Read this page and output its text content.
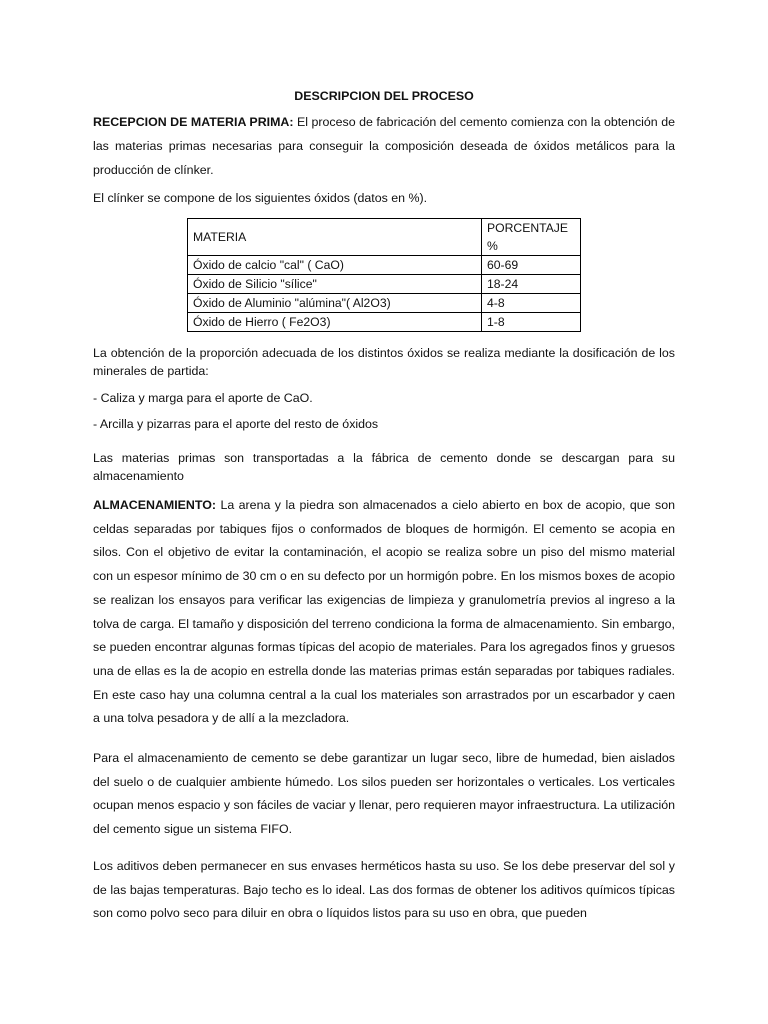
DESCRIPCION DEL PROCESO
RECEPCION DE MATERIA PRIMA: El proceso de fabricación del cemento comienza con la obtención de las materias primas necesarias para conseguir la composición deseada de óxidos metálicos para la producción de clínker.
El clínker se compone de los siguientes óxidos (datos en %).
MATERIA	PORCENTAJE %
Óxido de calcio "cal" ( CaO)	60-69
Óxido de Silicio "sílice"	18-24
Óxido de Aluminio "alúmina"( Al2O3)	4-8
Óxido de Hierro ( Fe2O3)	1-8
La obtención de la proporción adecuada de los distintos óxidos se realiza mediante la dosificación de los minerales de partida:
- Caliza y marga para el aporte de CaO.
- Arcilla y pizarras para el aporte del resto de óxidos
Las materias primas son transportadas a la fábrica de cemento donde se descargan para su almacenamiento
ALMACENAMIENTO: La arena y la piedra son almacenados a cielo abierto en box de acopio, que son celdas separadas por tabiques fijos o conformados de bloques de hormigón. El cemento se acopia en silos. Con el objetivo de evitar la contaminación, el acopio se realiza sobre un piso del mismo material con un espesor mínimo de 30 cm o en su defecto por un hormigón pobre. En los mismos boxes de acopio se realizan los ensayos para verificar las exigencias de limpieza y granulometría previos al ingreso a la tolva de carga. El tamaño y disposición del terreno condiciona la forma de almacenamiento. Sin embargo, se pueden encontrar algunas formas típicas del acopio de materiales. Para los agregados finos y gruesos una de ellas es la de acopio en estrella donde las materias primas están separadas por tabiques radiales. En este caso hay una columna central a la cual los materiales son arrastrados por un escarbador y caen a una tolva pesadora y de allí a la mezcladora.
Para el almacenamiento de cemento se debe garantizar un lugar seco, libre de humedad, bien aislados del suelo o de cualquier ambiente húmedo. Los silos pueden ser horizontales o verticales. Los verticales ocupan menos espacio y son fáciles de vaciar y llenar, pero requieren mayor infraestructura. La utilización del cemento sigue un sistema FIFO.
Los aditivos deben permanecer en sus envases herméticos hasta su uso. Se los debe preservar del sol y de las bajas temperaturas. Bajo techo es lo ideal. Las dos formas de obtener los aditivos químicos típicas son como polvo seco para diluir en obra o líquidos listos para su uso en obra, que pueden
